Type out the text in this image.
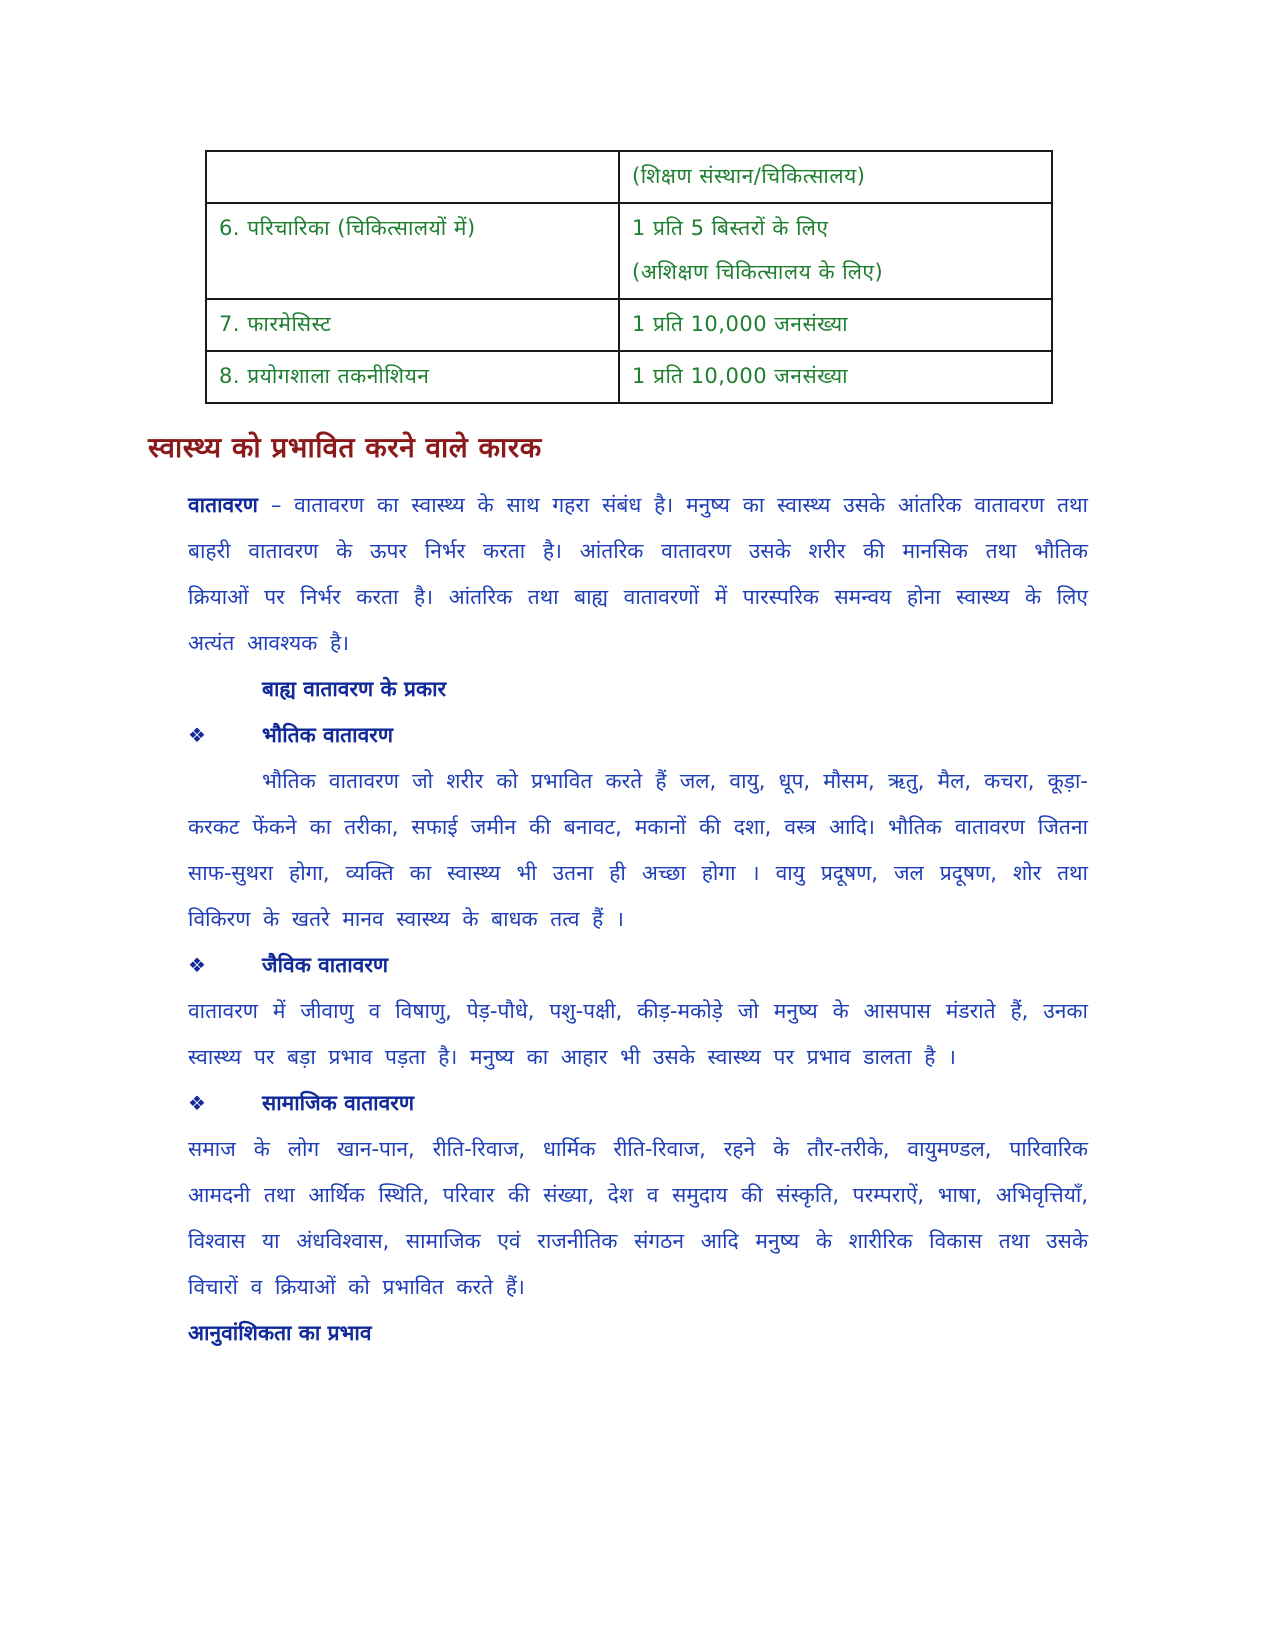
	(शिक्षण संस्थान/चिकित्सालय)

6. परिचारिका (चिकित्सालयों में)	1 प्रति 5 बिस्तरों के लिए
(अशिक्षण चिकित्सालय के लिए)

7. फारमेसिस्ट	1 प्रति 10,000 जनसंख्या

8. प्रयोगशाला तकनीशियन	1 प्रति 10,000 जनसंख्या
स्वास्थ्य को प्रभावित करने वाले कारक

वातावरण – वातावरण का स्वास्थ्य के साथ गहरा संबंध है। मनुष्य का स्वास्थ्य उसके आंतरिक वातावरण तथा बाहरी वातावरण के ऊपर निर्भर करता है। आंतरिक वातावरण उसके शरीर की मानसिक तथा भौतिक क्रियाओं पर निर्भर करता है। आंतरिक तथा बाह्य वातावरणों में पारस्परिक समन्वय होना स्वास्थ्य के लिए अत्यंत आवश्यक है।

बाह्य वातावरण के प्रकार

❖	भौतिक वातावरण

भौतिक वातावरण जो शरीर को प्रभावित करते हैं जल, वायु, धूप, मौसम, ऋतु, मैल, कचरा, कूड़ा-करकट फेंकने का तरीका, सफाई जमीन की बनावट, मकानों की दशा, वस्त्र आदि। भौतिक वातावरण जितना साफ-सुथरा होगा, व्यक्ति का स्वास्थ्य भी उतना ही अच्छा होगा । वायु प्रदूषण, जल प्रदूषण, शोर तथा विकिरण के खतरे मानव स्वास्थ्य के बाधक तत्व हैं ।

❖	जैविक वातावरण

वातावरण में जीवाणु व विषाणु, पेड़-पौधे, पशु-पक्षी, कीड़-मकोड़े जो मनुष्य के आसपास मंडराते हैं, उनका स्वास्थ्य पर बड़ा प्रभाव पड़ता है। मनुष्य का आहार भी उसके स्वास्थ्य पर प्रभाव डालता है ।

❖	सामाजिक वातावरण

समाज के लोग खान-पान, रीति-रिवाज, धार्मिक रीति-रिवाज, रहने के तौर-तरीके, वायुमण्डल, पारिवारिक आमदनी तथा आर्थिक स्थिति, परिवार की संख्या, देश व समुदाय की संस्कृति, परम्पराऐं, भाषा, अभिवृत्तियाँ, विश्वास या अंधविश्वास, सामाजिक एवं राजनीतिक संगठन आदि मनुष्य के शारीरिक विकास तथा उसके विचारों व क्रियाओं को प्रभावित करते हैं।

आनुवांशिकता का प्रभाव
